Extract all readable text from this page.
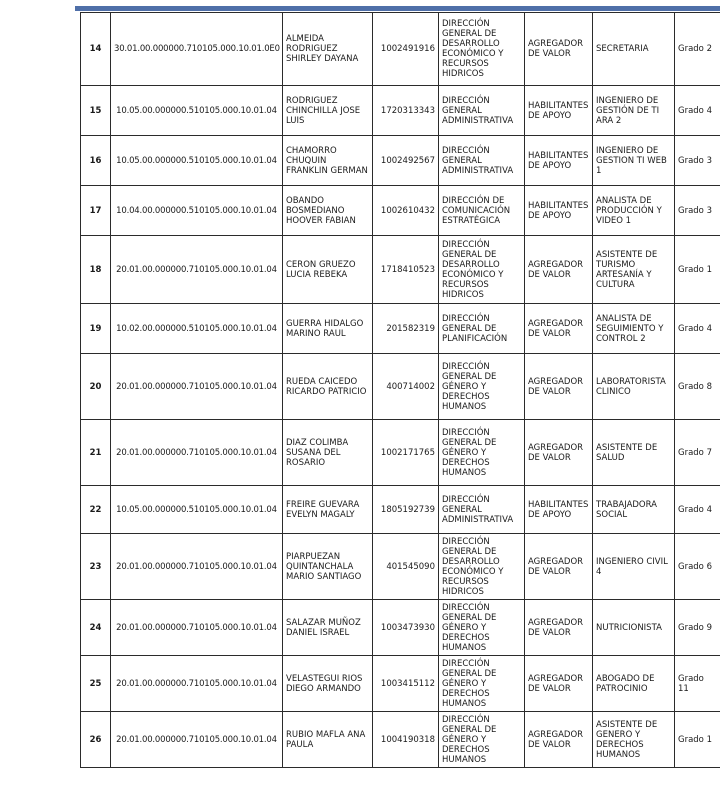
14	30.01.00.000000.710105.000.10.01.0E0	ALMEIDA RODRIGUEZ SHIRLEY DAYANA	1002491916	DIRECCIÓN GENERAL DE DESARROLLO ECONÓMICO Y RECURSOS HIDRICOS	AGREGADOR DE VALOR	SECRETARIA	Grado 2
15	10.05.00.000000.510105.000.10.01.04	RODRIGUEZ CHINCHILLA JOSE LUIS	1720313343	DIRECCIÓN GENERAL ADMINISTRATIVA	HABILITANTES DE APOYO	INGENIERO DE GESTIÓN DE TI ARA 2	Grado 4
16	10.05.00.000000.510105.000.10.01.04	CHAMORRO CHUQUIN FRANKLIN GERMAN	1002492567	DIRECCIÓN GENERAL ADMINISTRATIVA	HABILITANTES DE APOYO	INGENIERO DE GESTION TI WEB 1	Grado 3
17	10.04.00.000000.510105.000.10.01.04	OBANDO BOSMEDIANO HOOVER FABIAN	1002610432	DIRECCIÓN DE COMUNICACIÓN ESTRATÉGICA	HABILITANTES DE APOYO	ANALISTA DE PRODUCCIÓN Y VIDEO 1	Grado 3
18	20.01.00.000000.710105.000.10.01.04	CERON GRUEZO LUCIA REBEKA	1718410523	DIRECCIÓN GENERAL DE DESARROLLO ECONÓMICO Y RECURSOS HIDRICOS	AGREGADOR DE VALOR	ASISTENTE DE TURISMO ARTESANÍA Y CULTURA	Grado 1
19	10.02.00.000000.510105.000.10.01.04	GUERRA HIDALGO MARINO RAUL	201582319	DIRECCIÓN GENERAL DE PLANIFICACIÓN	AGREGADOR DE VALOR	ANALISTA DE SEGUIMIENTO Y CONTROL 2	Grado 4
20	20.01.00.000000.710105.000.10.01.04	RUEDA CAICEDO RICARDO PATRICIO	400714002	DIRECCIÓN GENERAL DE GÉNERO Y DERECHOS HUMANOS	AGREGADOR DE VALOR	LABORATORISTA CLINICO	Grado 8
21	20.01.00.000000.710105.000.10.01.04	DIAZ COLIMBA SUSANA DEL ROSARIO	1002171765	DIRECCIÓN GENERAL DE GÉNERO Y DERECHOS HUMANOS	AGREGADOR DE VALOR	ASISTENTE DE SALUD	Grado 7
22	10.05.00.000000.510105.000.10.01.04	FREIRE GUEVARA EVELYN MAGALY	1805192739	DIRECCIÓN GENERAL ADMINISTRATIVA	HABILITANTES DE APOYO	TRABAJADORA SOCIAL	Grado 4
23	20.01.00.000000.710105.000.10.01.04	PIARPUEZAN QUINTANCHALA MARIO SANTIAGO	401545090	DIRECCIÓN GENERAL DE DESARROLLO ECONÓMICO Y RECURSOS HIDRICOS	AGREGADOR DE VALOR	INGENIERO CIVIL 4	Grado 6
24	20.01.00.000000.710105.000.10.01.04	SALAZAR MUÑOZ DANIEL ISRAEL	1003473930	DIRECCIÓN GENERAL DE GÉNERO Y DERECHOS HUMANOS	AGREGADOR DE VALOR	NUTRICIONISTA	Grado 9
25	20.01.00.000000.710105.000.10.01.04	VELASTEGUI RIOS DIEGO ARMANDO	1003415112	DIRECCIÓN GENERAL DE GÉNERO Y DERECHOS HUMANOS	AGREGADOR DE VALOR	ABOGADO DE PATROCINIO	Grado 11
26	20.01.00.000000.710105.000.10.01.04	RUBIO MAFLA ANA PAULA	1004190318	DIRECCIÓN GENERAL DE GÉNERO Y DERECHOS HUMANOS	AGREGADOR DE VALOR	ASISTENTE DE GENERO Y DERECHOS HUMANOS	Grado 1
